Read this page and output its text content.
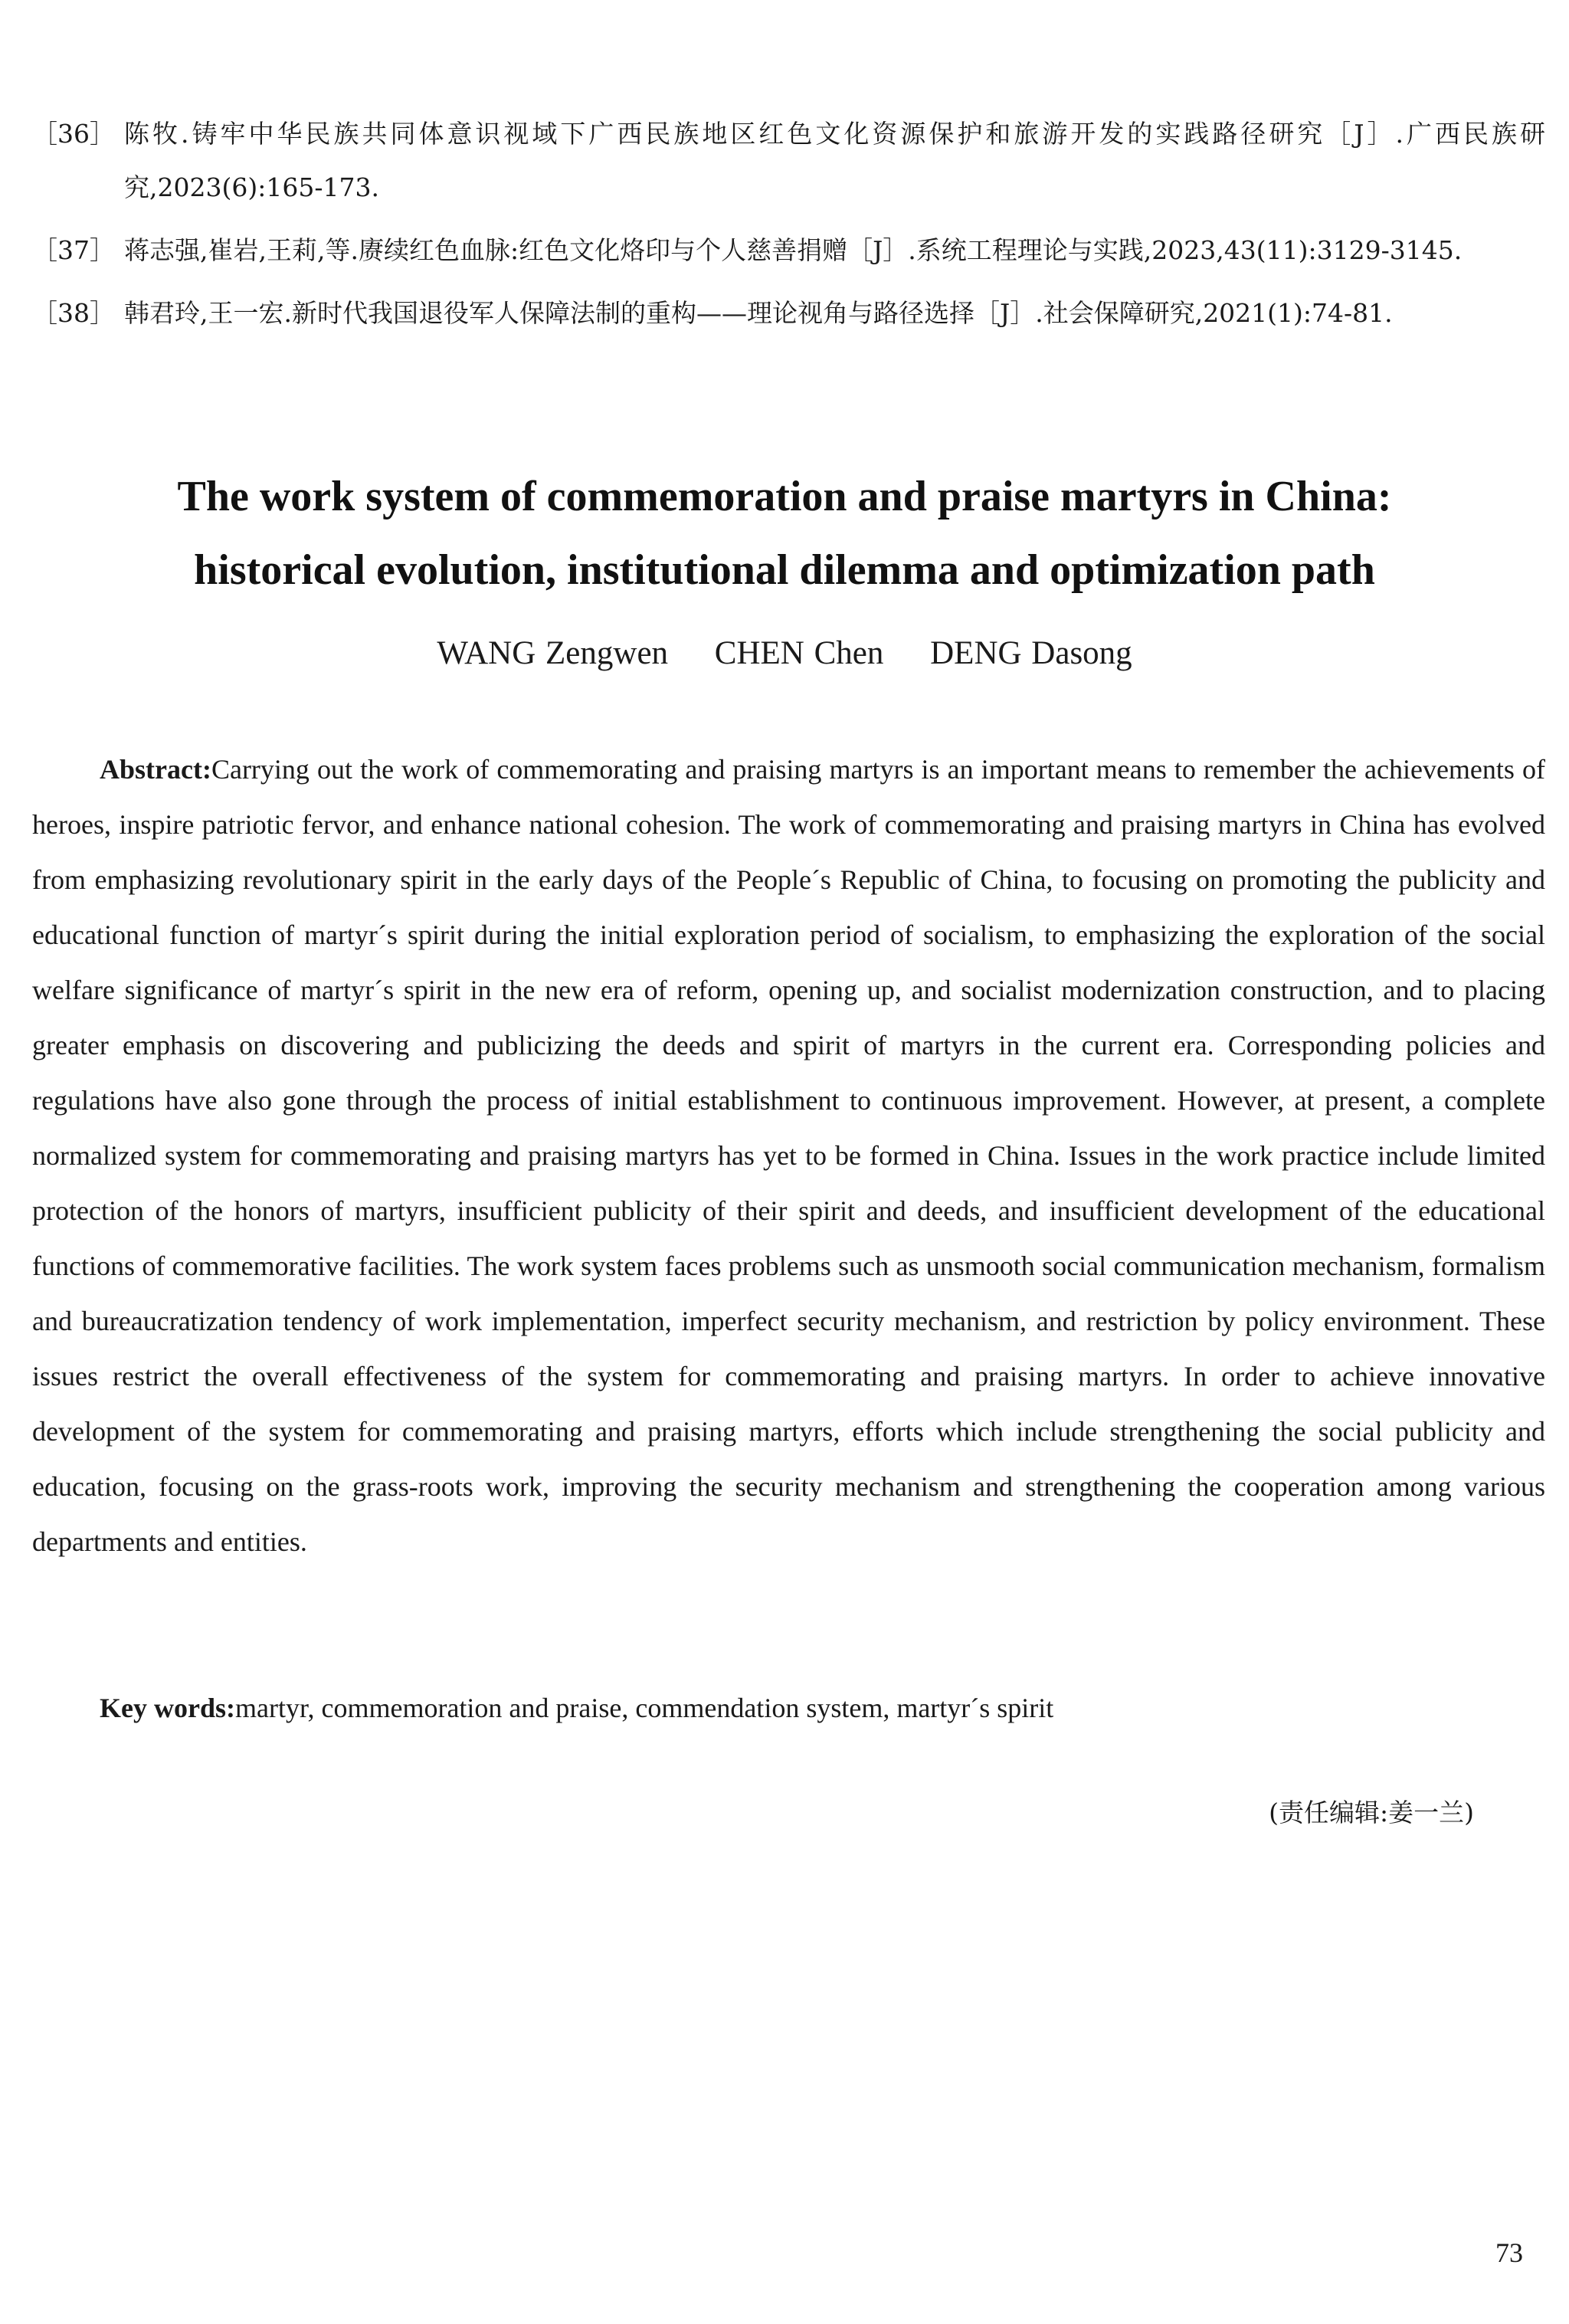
［36］ 陈牧.铸牢中华民族共同体意识视域下广西民族地区红色文化资源保护和旅游开发的实践路径研究［J］.广西民族研究,2023(6):165-173.
［37］ 蒋志强,崔岩,王莉,等.赓续红色血脉:红色文化烙印与个人慈善捐赠［J］.系统工程理论与实践,2023,43(11):3129-3145.
［38］ 韩君玲,王一宏.新时代我国退役军人保障法制的重构——理论视角与路径选择［J］.社会保障研究,2021(1):74-81.
The work system of commemoration and praise martyrs in China:
historical evolution, institutional dilemma and optimization path
WANG Zengwen CHEN Chen DENG Dasong
Abstract:Carrying out the work of commemorating and praising martyrs is an important means to remember the achievements of heroes, inspire patriotic fervor, and enhance national cohesion. The work of commemorating and praising martyrs in China has evolved from emphasizing revolutionary spirit in the early days of the People´s Republic of China, to focusing on promoting the publicity and educational function of martyr´s spirit during the initial exploration period of socialism, to emphasizing the exploration of the social welfare significance of martyr´s spirit in the new era of reform, opening up, and socialist modernization construction, and to placing greater emphasis on discovering and publicizing the deeds and spirit of martyrs in the current era. Corresponding policies and regulations have also gone through the process of initial establishment to continuous improvement. However, at present, a complete normalized system for commemorating and praising martyrs has yet to be formed in China. Issues in the work practice include limited protection of the honors of martyrs, insufficient publicity of their spirit and deeds, and insufficient development of the educational functions of commemorative facilities. The work system faces problems such as unsmooth social communication mechanism, formalism and bureaucratization tendency of work implementation, imperfect security mechanism, and restriction by policy environment. These issues restrict the overall effectiveness of the system for commemorating and praising martyrs. In order to achieve innovative development of the system for commemorating and praising martyrs, efforts which include strengthening the social publicity and education, focusing on the grass-roots work, improving the security mechanism and strengthening the cooperation among various departments and entities.
Key words:martyr, commemoration and praise, commendation system, martyr´s spirit
(责任编辑:姜一兰)
73
